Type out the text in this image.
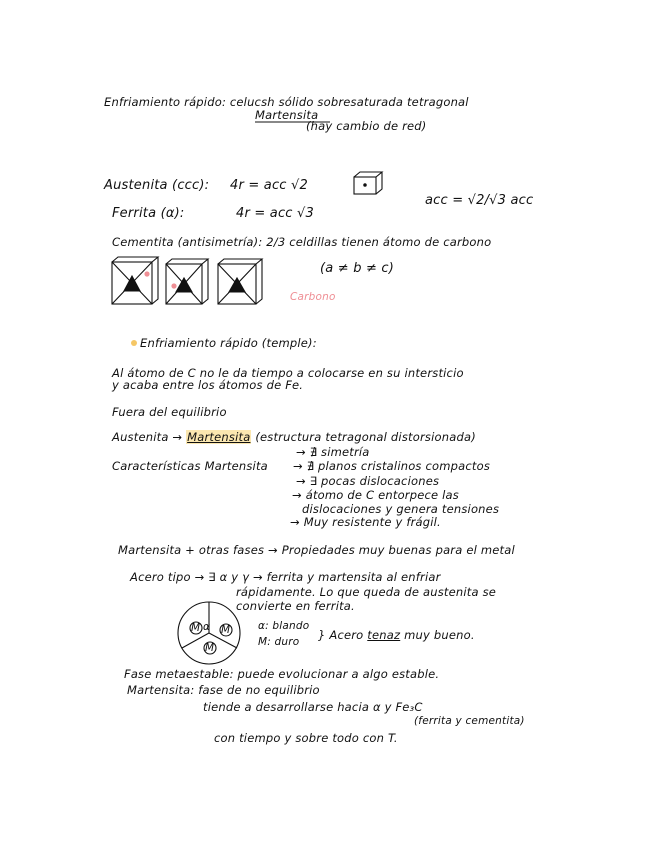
Enfriamiento rápido: celucsh sólido sobresaturada tetragonal
Martensita
(hay cambio de red)
Austenita (ccc): 4r = acc √2
acc = √2/√3 acc
Ferrita (α):	4r = acc √3
Cementita (antisimetría): 2/3 celdillas tienen átomo de carbono
(a ≠ b ≠ c)
Carbono
Enfriamiento rápido (temple):
Al átomo de C no le da tiempo a colocarse en su intersticio
y acaba entre los átomos de Fe.
Fuera del equilibrio
Austenita → Martensita (estructura tetragonal distorsionada)
→ ∄ simetría
Características Martensita → ∄ planos cristalinos compactos
→ ∃ pocas dislocaciones
→ átomo de C entorpece las
dislocaciones y genera tensiones
→ Muy resistente y frágil.
Martensita + otras fases → Propiedades muy buenas para el metal
Acero tipo → ∃ α y γ → ferrita y martensita al enfriar
rápidamente. Lo que queda de austenita se
convierte en ferrita.
α
M M
M
α: blando
M: duro } Acero tenaz muy bueno.
Fase metaestable: puede evolucionar a algo estable.
Martensita: fase de no equilibrio
tiende a desarrollarse hacia α y Fe₃C
(ferrita y cementita)
con tiempo y sobre todo con T.
